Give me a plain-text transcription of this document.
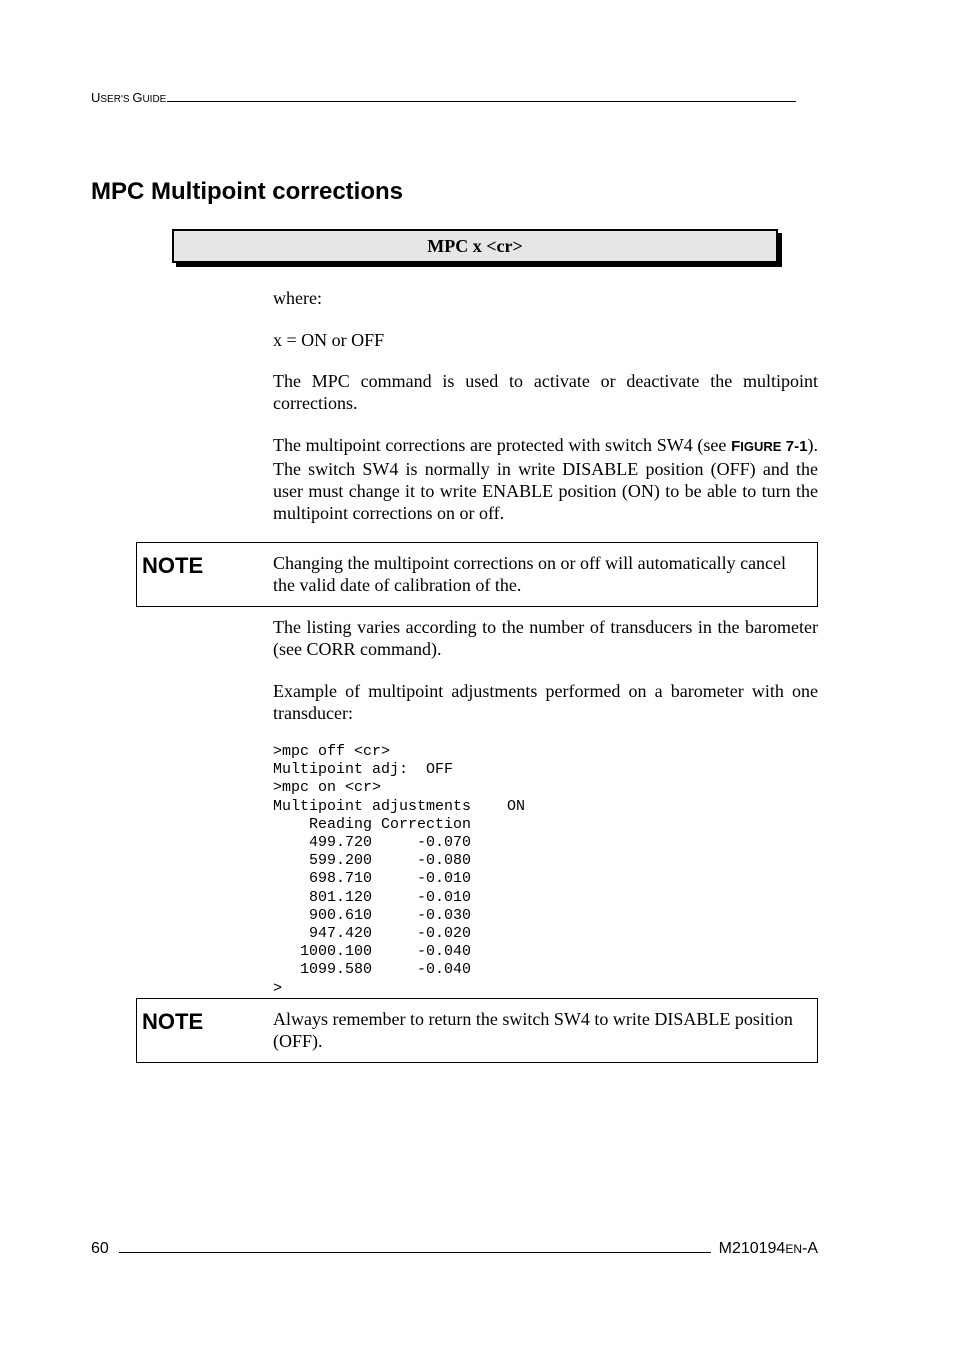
USER'S GUIDE
MPC Multipoint corrections
MPC x <cr>
where:
x = ON or OFF
The MPC command is used to activate or deactivate the multipoint corrections.
The multipoint corrections are protected with switch SW4 (see FIGURE 7-1). The switch SW4 is normally in write DISABLE position (OFF) and the user must change it to write ENABLE position (ON) to be able to turn the multipoint corrections on or off.
NOTE	Changing the multipoint corrections on or off will automatically cancel the valid date of calibration of the.
The listing varies according to the number of transducers in the barometer (see CORR command).
Example of multipoint adjustments performed on a barometer with one transducer:
>mpc off <cr>
Multipoint adj:  OFF
>mpc on <cr>
Multipoint adjustments    ON
Reading Correction
499.720     -0.070
599.200     -0.080
698.710     -0.010
801.120     -0.010
900.610     -0.030
947.420     -0.020
1000.100     -0.040
1099.580     -0.040
>
NOTE	Always remember to return the switch SW4 to write DISABLE position (OFF).
60	M210194EN-A
